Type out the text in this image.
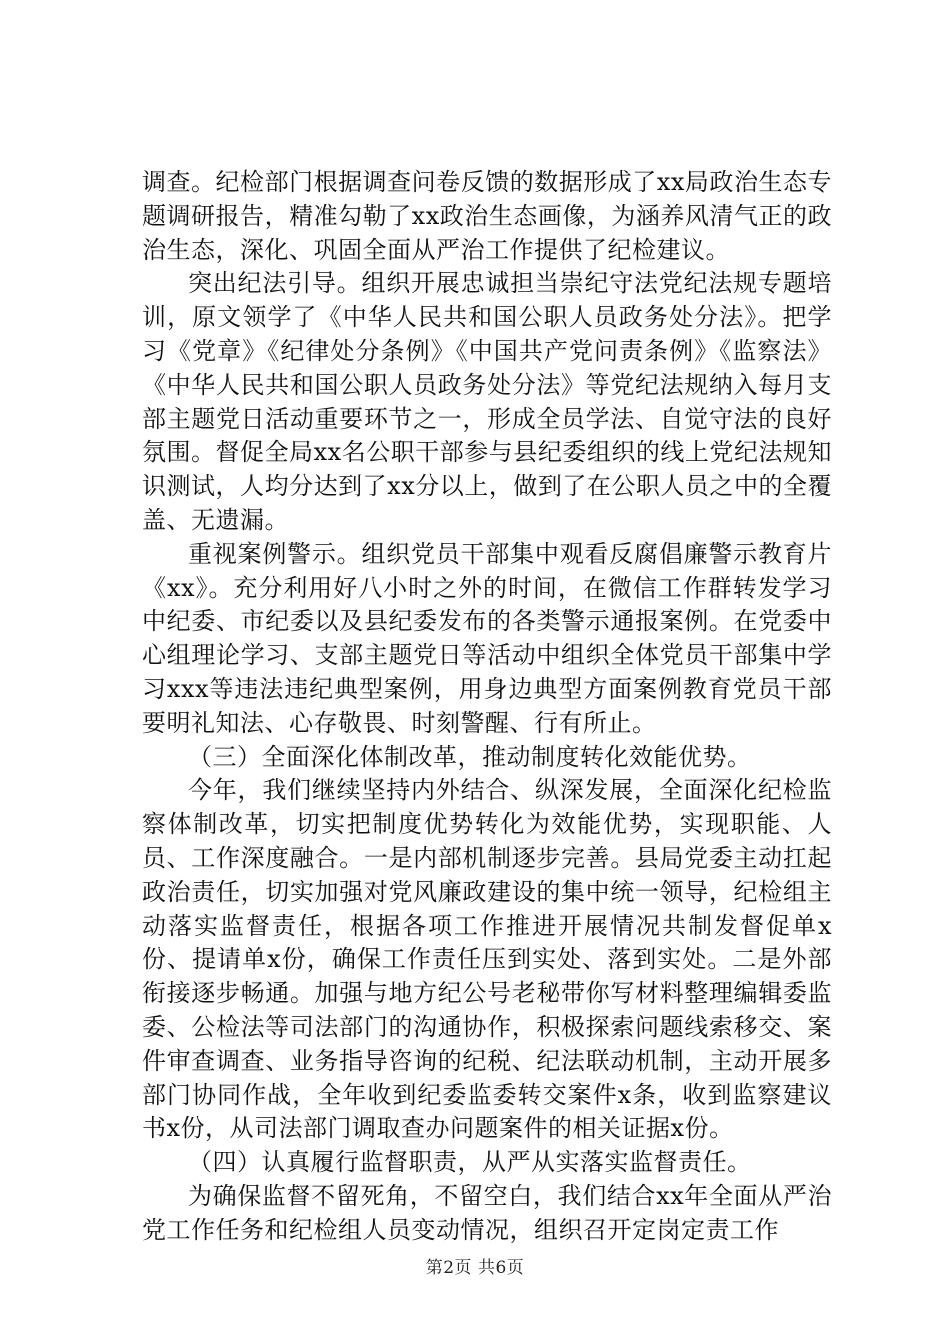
调查。纪检部门根据调查问卷反馈的数据形成了xx局政治生态专题调研报告，精准勾勒了xx政治生态画像，为涵养风清气正的政治生态，深化、巩固全面从严治工作提供了纪检建议。

突出纪法引导。组织开展忠诚担当崇纪守法党纪法规专题培训，原文领学了《中华人民共和国公职人员政务处分法》。把学习《党章》《纪律处分条例》《中国共产党问责条例》《监察法》《中华人民共和国公职人员政务处分法》等党纪法规纳入每月支部主题党日活动重要环节之一，形成全员学法、自觉守法的良好氛围。督促全局xx名公职干部参与县纪委组织的线上党纪法规知识测试，人均分达到了xx分以上，做到了在公职人员之中的全覆盖、无遗漏。

重视案例警示。组织党员干部集中观看反腐倡廉警示教育片《xx》。充分利用好八小时之外的时间，在微信工作群转发学习中纪委、市纪委以及县纪委发布的各类警示通报案例。在党委中心组理论学习、支部主题党日等活动中组织全体党员干部集中学习xxx等违法违纪典型案例，用身边典型方面案例教育党员干部要明礼知法、心存敬畏、时刻警醒、行有所止。

（三）全面深化体制改革，推动制度转化效能优势。

今年，我们继续坚持内外结合、纵深发展，全面深化纪检监察体制改革，切实把制度优势转化为效能优势，实现职能、人员、工作深度融合。一是内部机制逐步完善。县局党委主动扛起政治责任，切实加强对党风廉政建设的集中统一领导，纪检组主动落实监督责任，根据各项工作推进开展情况共制发督促单x份、提请单x份，确保工作责任压到实处、落到实处。二是外部衔接逐步畅通。加强与地方纪公号老秘带你写材料整理编辑委监委、公检法等司法部门的沟通协作，积极探索问题线索移交、案件审查调查、业务指导咨询的纪税、纪法联动机制，主动开展多部门协同作战，全年收到纪委监委转交案件x条，收到监察建议书x份，从司法部门调取查办问题案件的相关证据x份。

（四）认真履行监督职责，从严从实落实监督责任。

为确保监督不留死角，不留空白，我们结合xx年全面从严治党工作任务和纪检组人员变动情况，组织召开定岗定责工作

第2页 共6页
